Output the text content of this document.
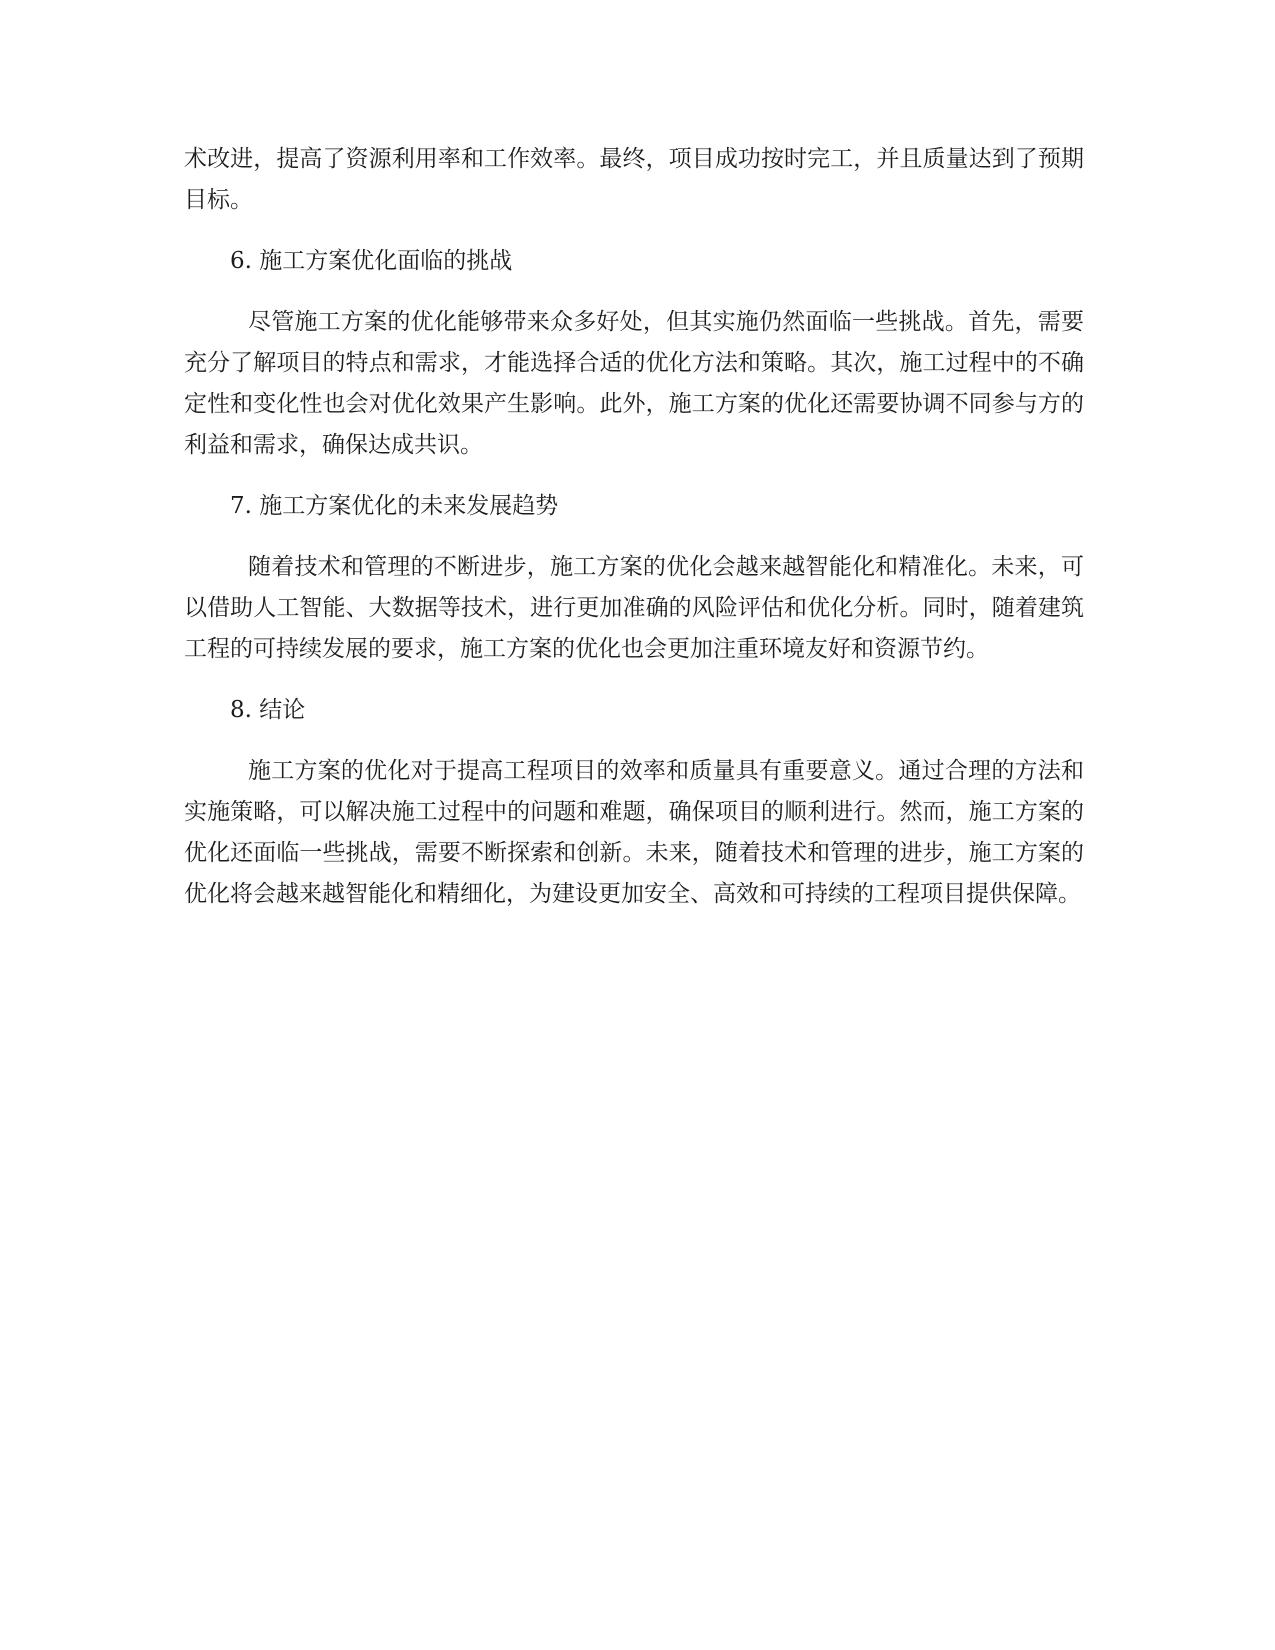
术改进，提高了资源利用率和工作效率。最终，项目成功按时完工，并且质量达到了预期目标。

6. 施工方案优化面临的挑战

尽管施工方案的优化能够带来众多好处，但其实施仍然面临一些挑战。首先，需要充分了解项目的特点和需求，才能选择合适的优化方法和策略。其次，施工过程中的不确定性和变化性也会对优化效果产生影响。此外，施工方案的优化还需要协调不同参与方的利益和需求，确保达成共识。

7. 施工方案优化的未来发展趋势

随着技术和管理的不断进步，施工方案的优化会越来越智能化和精准化。未来，可以借助人工智能、大数据等技术，进行更加准确的风险评估和优化分析。同时，随着建筑工程的可持续发展的要求，施工方案的优化也会更加注重环境友好和资源节约。

8. 结论

施工方案的优化对于提高工程项目的效率和质量具有重要意义。通过合理的方法和实施策略，可以解决施工过程中的问题和难题，确保项目的顺利进行。然而，施工方案的优化还面临一些挑战，需要不断探索和创新。未来，随着技术和管理的进步，施工方案的优化将会越来越智能化和精细化，为建设更加安全、高效和可持续的工程项目提供保障。
